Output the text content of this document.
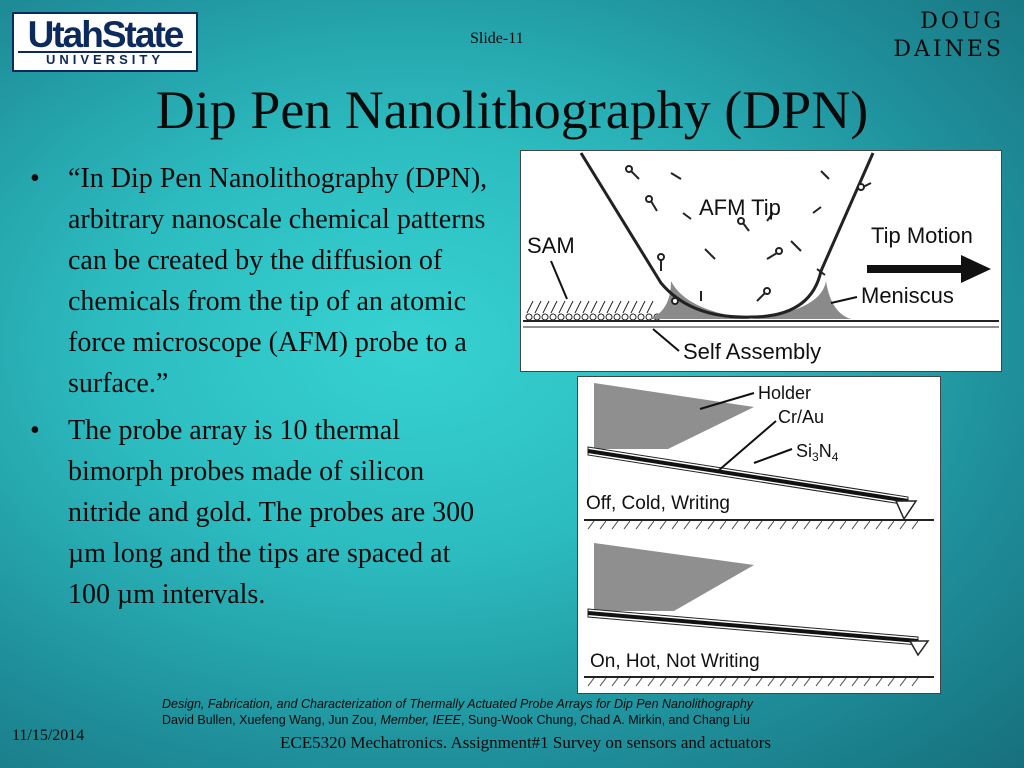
UtahState
UNIVERSITY
Slide-11
DOUG
DAINES
Dip Pen Nanolithography (DPN)
• “In Dip Pen Nanolithography (DPN), arbitrary nanoscale chemical patterns can be created by the diffusion of chemicals from the tip of an atomic force microscope (AFM) probe to a surface.”
• The probe array is 10 thermal bimorph probes made of silicon nitride and gold. The probes are 300 µm long and the tips are spaced at 100 µm intervals.
AFM Tip
SAM	Tip Motion
Meniscus
Self Assembly
Holder
Cr/Au
$Si_3N_4$
Off, Cold, Writing
On, Hot, Not Writing
Design, Fabrication, and Characterization of Thermally Actuated Probe Arrays for Dip Pen Nanolithography
David Bullen, Xuefeng Wang, Jun Zou, Member, IEEE, Sung-Wook Chung, Chad A. Mirkin, and Chang Liu
11/15/2014	ECE5320 Mechatronics. Assignment#1 Survey on sensors and actuators
